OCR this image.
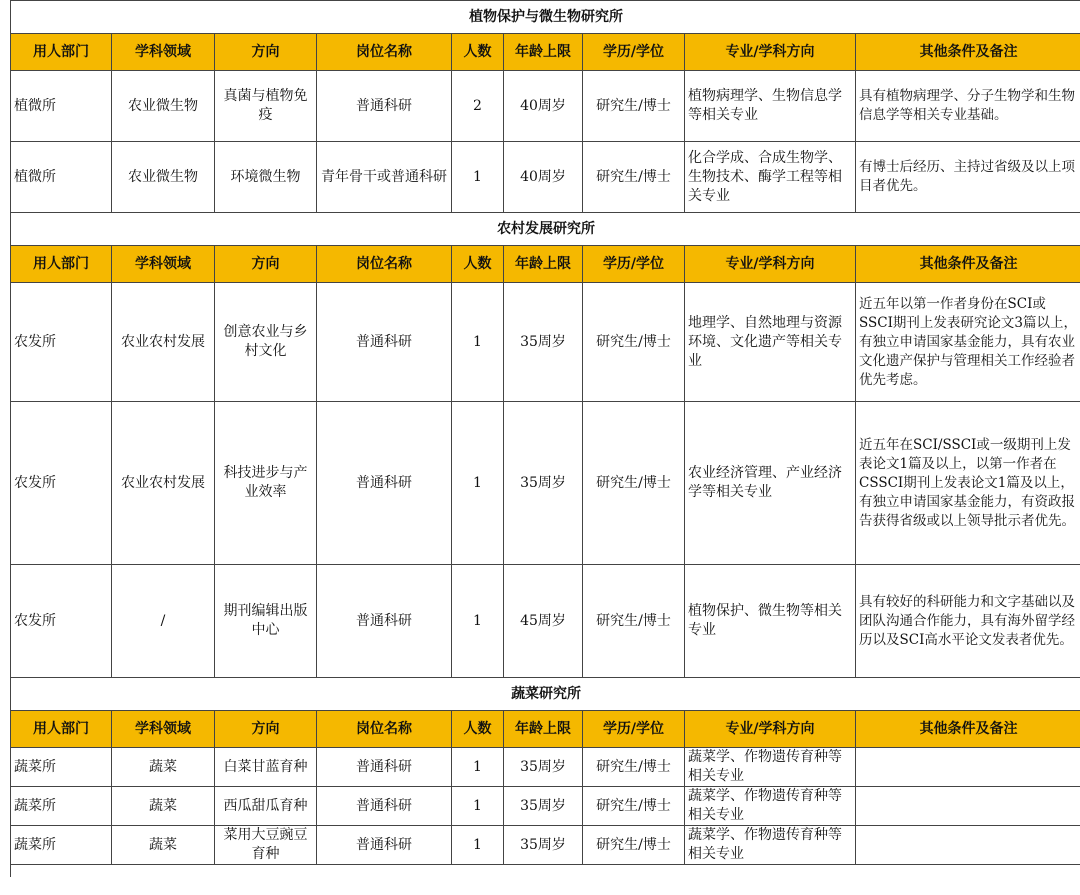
植物保护与微生物研究所								
用人部门	学科领域	方向	岗位名称	人数	年龄上限	学历/学位	专业/学科方向	其他条件及备注
植微所	农业微生物	真菌与植物免疫	普通科研	2	40周岁	研究生/博士	植物病理学、生物信息学等相关专业	具有植物病理学、分子生物学和生物信息学等相关专业基础。
植微所	农业微生物	环境微生物	青年骨干或普通科研	1	40周岁	研究生/博士	化合学成、合成生物学、生物技术、酶学工程等相关专业	有博士后经历、主持过省级及以上项目者优先。
农村发展研究所								
用人部门	学科领域	方向	岗位名称	人数	年龄上限	学历/学位	专业/学科方向	其他条件及备注
农发所	农业农村发展	创意农业与乡村文化	普通科研	1	35周岁	研究生/博士	地理学、自然地理与资源环境、文化遗产等相关专业	近五年以第一作者身份在SCI或SSCI期刊上发表研究论文3篇以上，有独立申请国家基金能力，具有农业文化遗产保护与管理相关工作经验者优先考虑。
农发所	农业农村发展	科技进步与产业效率	普通科研	1	35周岁	研究生/博士	农业经济管理、产业经济学等相关专业	近五年在SCI/SSCI或一级期刊上发表论文1篇及以上，以第一作者在CSSCI期刊上发表论文1篇及以上，有独立申请国家基金能力，有资政报告获得省级或以上领导批示者优先。
农发所	/	期刊编辑出版中心	普通科研	1	45周岁	研究生/博士	植物保护、微生物等相关专业	具有较好的科研能力和文字基础以及团队沟通合作能力，具有海外留学经历以及SCI高水平论文发表者优先。
蔬菜研究所								
用人部门	学科领域	方向	岗位名称	人数	年龄上限	学历/学位	专业/学科方向	其他条件及备注
蔬菜所	蔬菜	白菜甘蓝育种	普通科研	1	35周岁	研究生/博士	蔬菜学、作物遗传育种等相关专业	
蔬菜所	蔬菜	西瓜甜瓜育种	普通科研	1	35周岁	研究生/博士	蔬菜学、作物遗传育种等相关专业	
蔬菜所	蔬菜	菜用大豆豌豆育种	普通科研	1	35周岁	研究生/博士	蔬菜学、作物遗传育种等相关专业	
